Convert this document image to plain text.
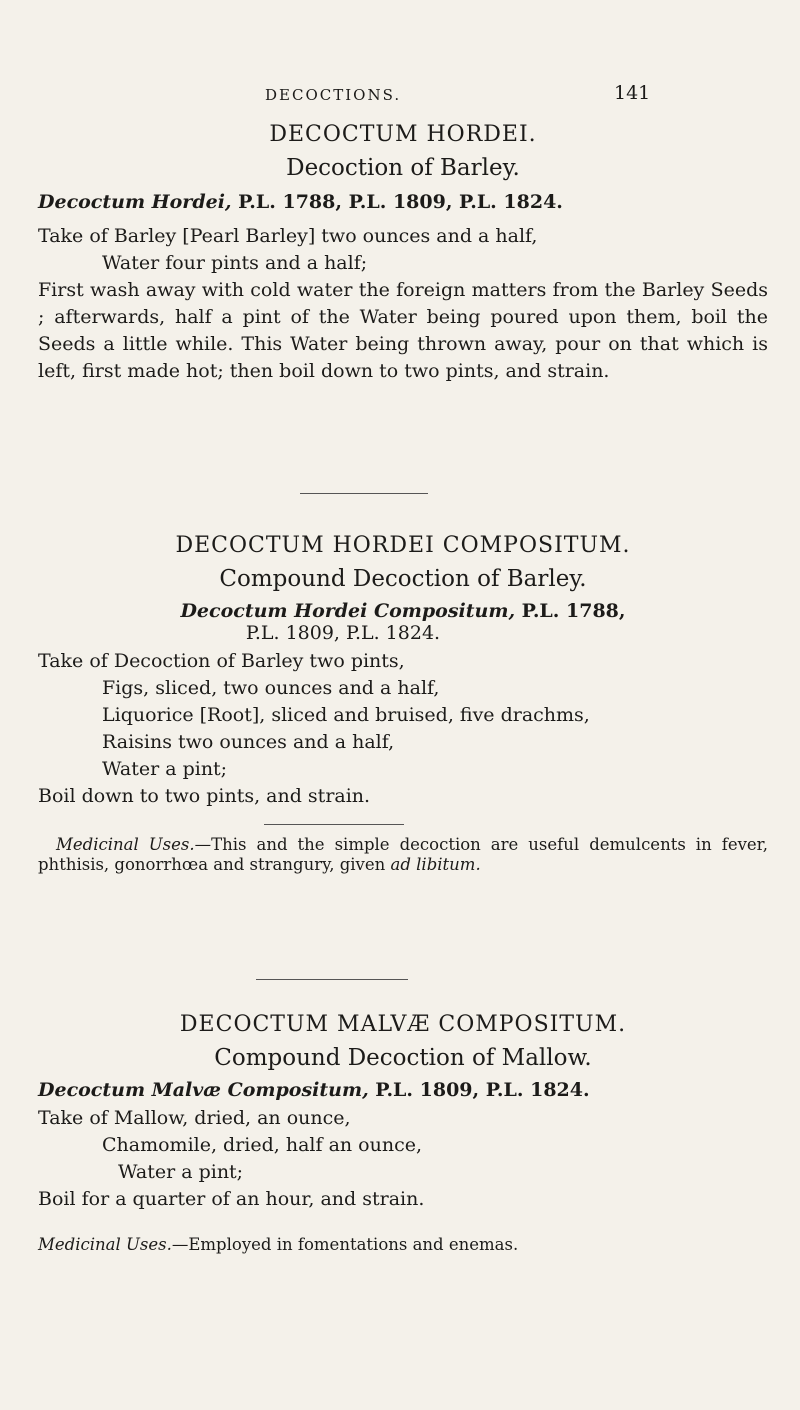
DECOCTIONS.	141
DECOCTUM HORDEI.
Decoction of Barley.
Decoctum Hordei, P.L. 1788, P.L. 1809, P.L. 1824.
Take of Barley [Pearl Barley] two ounces and a half,
Water four pints and a half;
First wash away with cold water the foreign matters from the Barley Seeds ; afterwards, half a pint of the Water being poured upon them, boil the Seeds a little while. This Water being thrown away, pour on that which is left, first made hot; then boil down to two pints, and strain.
DECOCTUM HORDEI COMPOSITUM.
Compound Decoction of Barley.
Decoctum Hordei Compositum, P.L. 1788,
P.L. 1809, P.L. 1824.
Take of Decoction of Barley two pints,
Figs, sliced, two ounces and a half,
Liquorice [Root], sliced and bruised, five drachms,
Raisins two ounces and a half,
Water a pint;
Boil down to two pints, and strain.
Medicinal Uses.—This and the simple decoction are useful demulcents in fever, phthisis, gonorrhœa and strangury, given ad libitum.
DECOCTUM MALVÆ COMPOSITUM.
Compound Decoction of Mallow.
Decoctum Malvæ Compositum, P.L. 1809, P.L. 1824.
Take of Mallow, dried, an ounce,
Chamomile, dried, half an ounce,
Water a pint;
Boil for a quarter of an hour, and strain.
Medicinal Uses.—Employed in fomentations and enemas.
